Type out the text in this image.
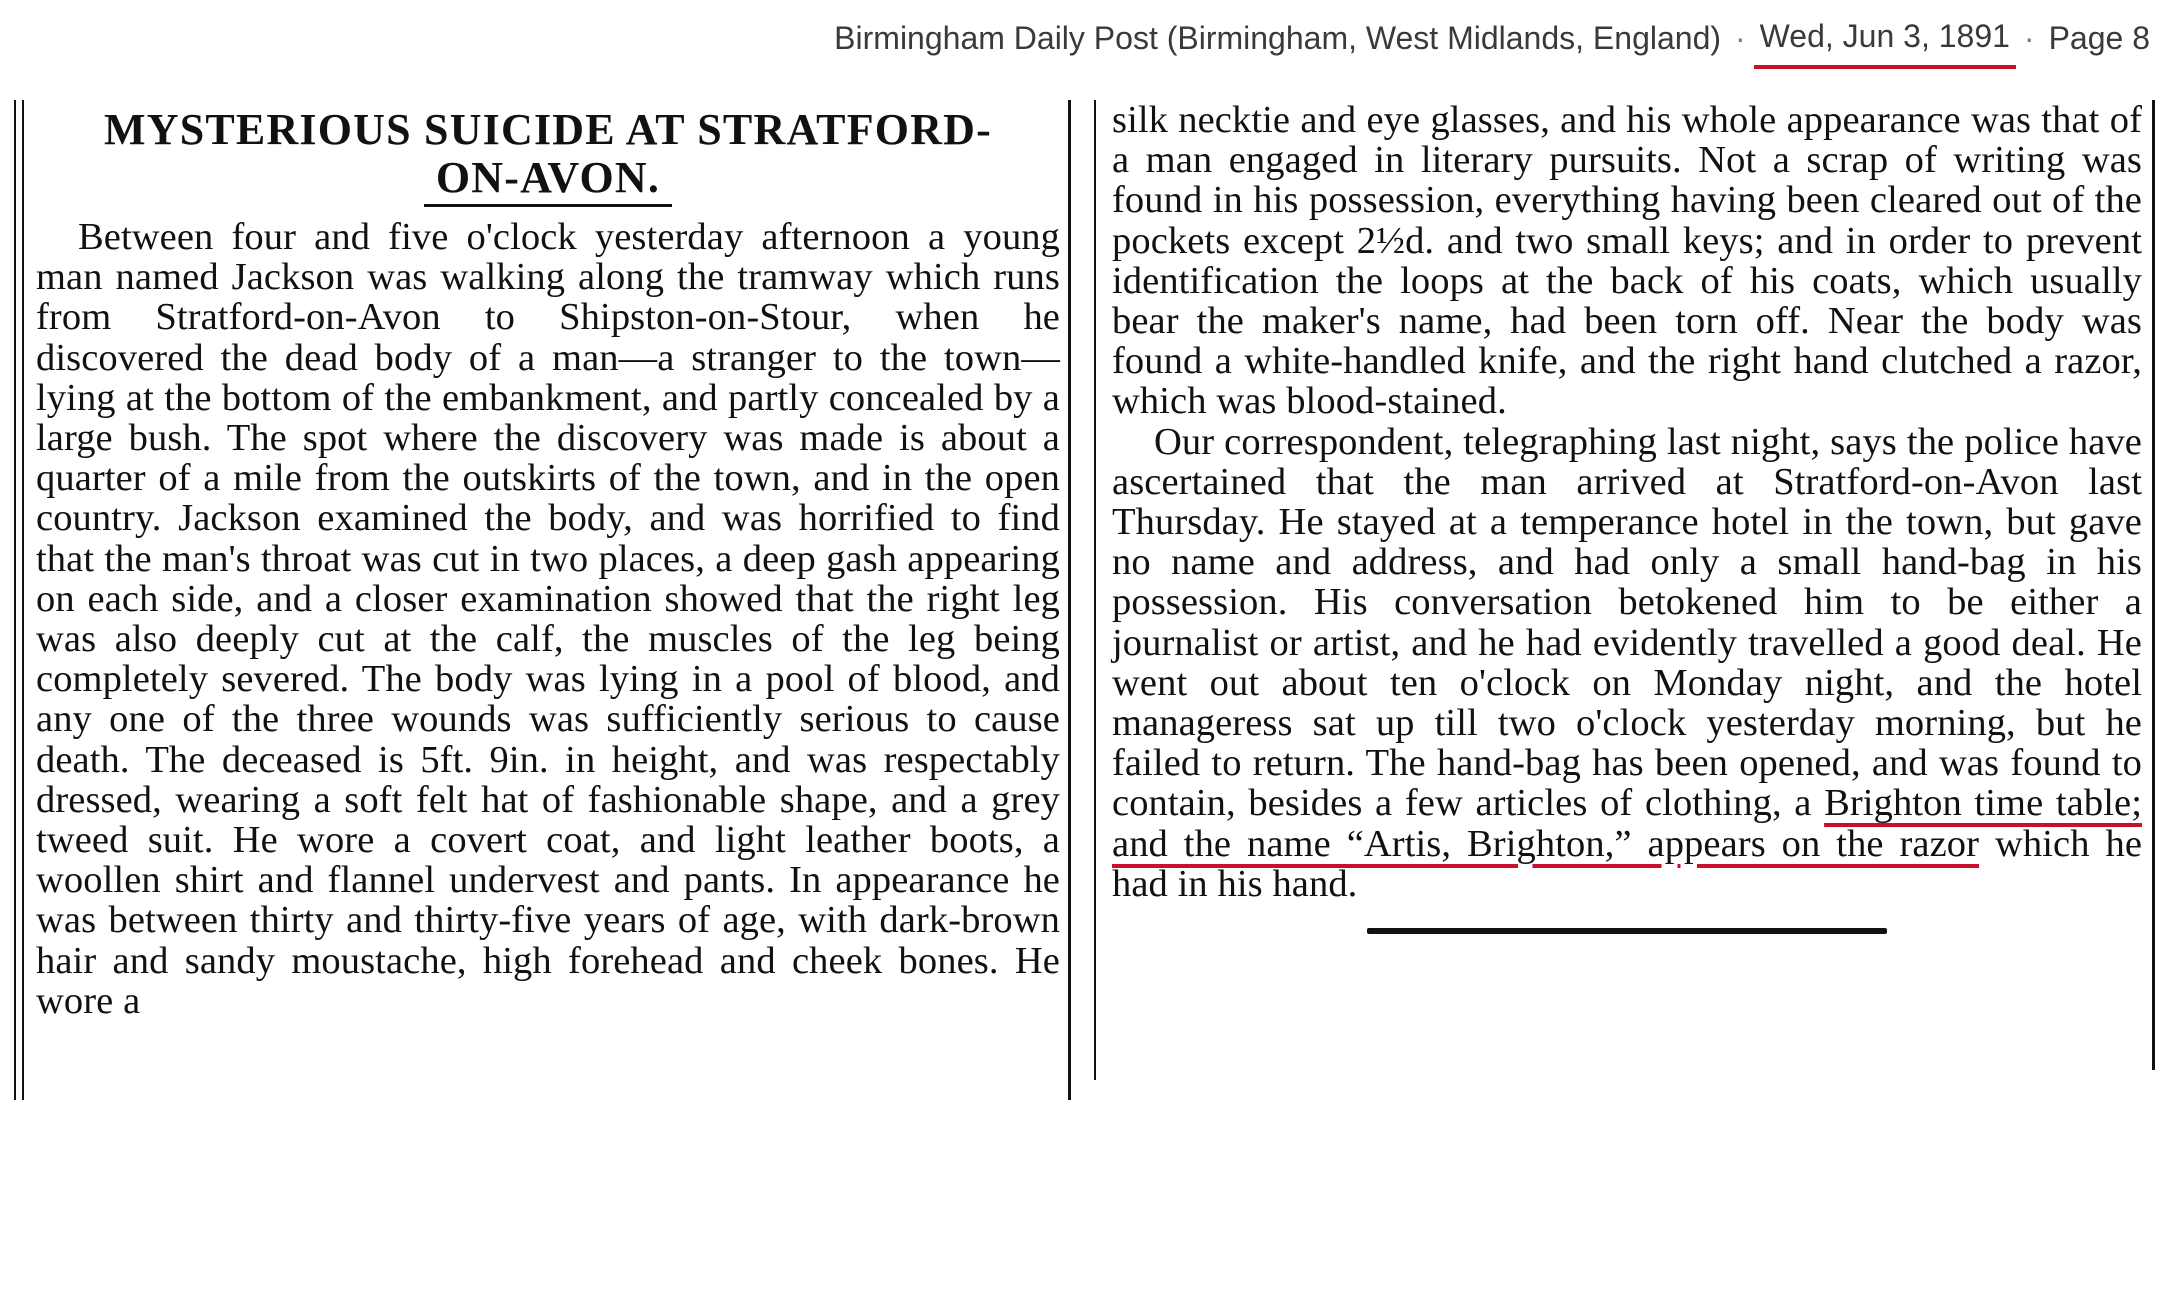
Birmingham Daily Post (Birmingham, West Midlands, England) · Wed, Jun 3, 1891 · Page 8
MYSTERIOUS SUICIDE AT STRATFORD-
ON-AVON.

Between four and five o'clock yesterday afternoon a young man named Jackson was walking along the tramway which runs from Stratford-on-Avon to Shipston-on-Stour, when he discovered the dead body of a man—a stranger to the town—lying at the bottom of the embankment, and partly concealed by a large bush. The spot where the discovery was made is about a quarter of a mile from the outskirts of the town, and in the open country. Jackson examined the body, and was horrified to find that the man's throat was cut in two places, a deep gash appearing on each side, and a closer examination showed that the right leg was also deeply cut at the calf, the muscles of the leg being completely severed. The body was lying in a pool of blood, and any one of the three wounds was sufficiently serious to cause death. The deceased is 5ft. 9in. in height, and was respectably dressed, wearing a soft felt hat of fashionable shape, and a grey tweed suit. He wore a covert coat, and light leather boots, a woollen shirt and flannel undervest and pants. In appearance he was between thirty and thirty-five years of age, with dark-brown hair and sandy moustache, high forehead and cheek bones. He wore a

silk necktie and eye glasses, and his whole appearance was that of a man engaged in literary pursuits. Not a scrap of writing was found in his possession, everything having been cleared out of the pockets except 2½d. and two small keys; and in order to prevent identification the loops at the back of his coats, which usually bear the maker's name, had been torn off. Near the body was found a white-handled knife, and the right hand clutched a razor, which was blood-stained.

Our correspondent, telegraphing last night, says the police have ascertained that the man arrived at Stratford-on-Avon last Thursday. He stayed at a temperance hotel in the town, but gave no name and address, and had only a small hand-bag in his possession. His conversation betokened him to be either a journalist or artist, and he had evidently travelled a good deal. He went out about ten o'clock on Monday night, and the hotel manageress sat up till two o'clock yesterday morning, but he failed to return. The hand-bag has been opened, and was found to contain, besides a few articles of clothing, a Brighton time table; and the name “Artis, Brighton,” appears on the razor which he had in his hand.
